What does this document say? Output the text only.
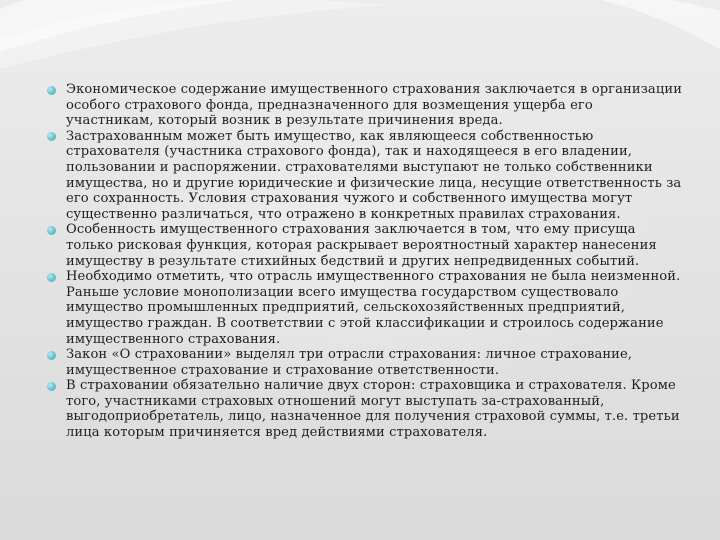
Экономическое содержание имущественного страхования заключается в организации особого страхового фонда, предназначенного для возмещения ущерба его участникам, который возник в результате причинения вреда.
Застрахованным может быть имущество, как являющееся собственностью страхователя (участника страхового фонда), так и находящееся в его владении, пользовании и распоряжении. страхователями выступают не только собственники имущества, но и другие юридические и физические лица, несущие ответственность за его сохранность. Условия страхования чужого и собственного имущества могут существенно различаться, что отражено в конкретных правилах страхования.
Особенность имущественного страхования заключается в том, что ему присуща только рисковая функция, которая раскрывает вероятностный характер нанесения имуществу в результате стихийных бедствий и других непредвиденных событий.
Необходимо отметить, что отрасль имущественного страхования не была неизменной. Раньше условие монополизации всего имущества государством существовало имущество промышленных предприятий, сельскохозяйственных предприятий, имущество граждан. В соответствии с этой классификации и строилось содержание имущественного страхования.
Закон «О страховании» выделял три отрасли страхования: личное страхование, имущественное страхование и страхование ответственности.
В страховании обязательно наличие двух сторон: страховщика и страхователя. Кроме того, участниками страховых отношений могут выступать за-страхованный, выгодоприобретатель, лицо, назначенное для получения страховой суммы, т.е. третьи лица которым причиняется вред действиями страхователя.
